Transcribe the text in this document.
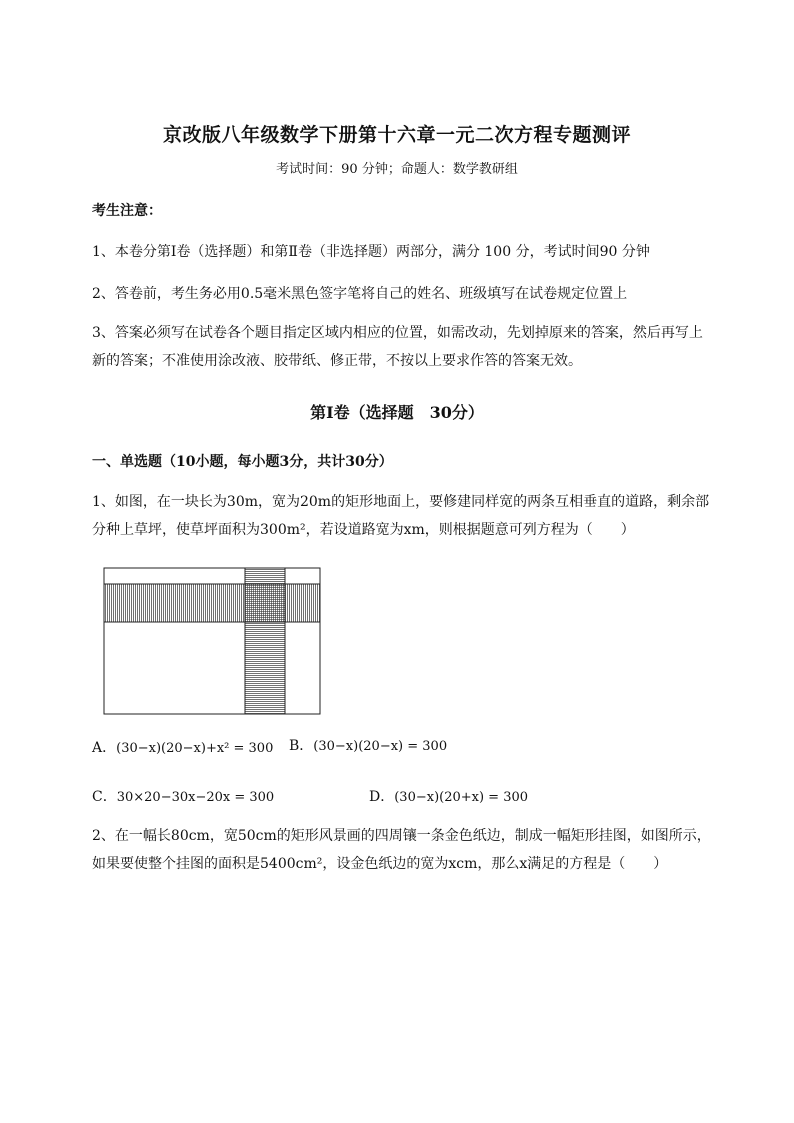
京改版八年级数学下册第十六章一元二次方程专题测评
考试时间：90 分钟；命题人：数学教研组
考生注意：
1、本卷分第Ⅰ卷（选择题）和第Ⅱ卷（非选择题）两部分，满分 100 分，考试时间90 分钟
2、答卷前，考生务必用0.5毫米黑色签字笔将自己的姓名、班级填写在试卷规定位置上
3、答案必须写在试卷各个题目指定区域内相应的位置，如需改动，先划掉原来的答案，然后再写上新的答案；不准使用涂改液、胶带纸、修正带，不按以上要求作答的答案无效。
第Ⅰ卷（选择题　30分）
一、单选题（10小题，每小题3分，共计30分）
1、如图，在一块长为30m，宽为20m的矩形地面上，要修建同样宽的两条互相垂直的道路，剩余部分种上草坪，使草坪面积为300m²，若设道路宽为xm，则根据题意可列方程为（　　）
A．(30−x)(20−x)+x² = 300 B．(30−x)(20−x) = 300
C．30×20−30x−20x = 300	D．(30−x)(20+x) = 300
2、在一幅长80cm，宽50cm的矩形风景画的四周镶一条金色纸边，制成一幅矩形挂图，如图所示，如果要使整个挂图的面积是5400cm²，设金色纸边的宽为xcm，那么x满足的方程是（　　）
